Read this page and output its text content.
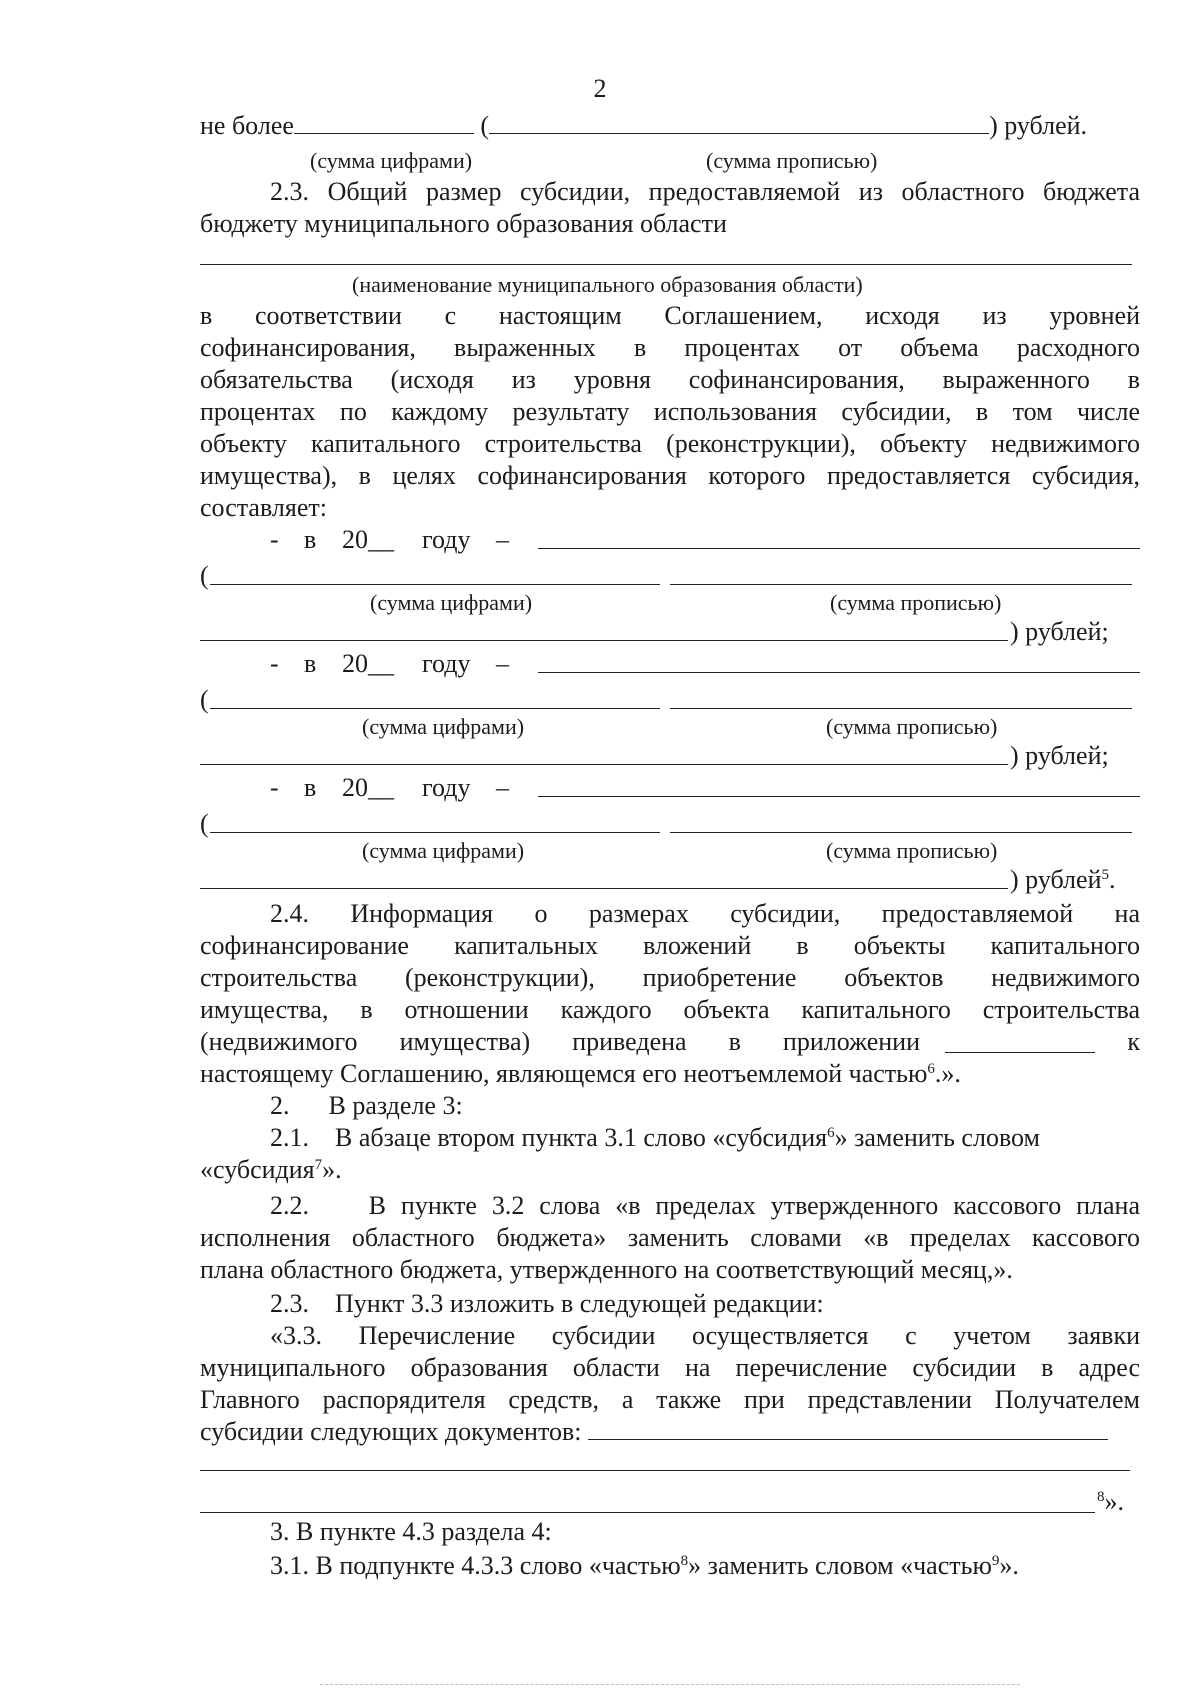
2
не более	(	) рублей.
(сумма цифрами)	(сумма прописью)
2.3. Общий размер субсидии, предоставляемой из областного бюджета
бюджету муниципального образования области
(наименование муниципального образования области)
в соответствии с настоящим Соглашением, исходя из уровней
софинансирования, выраженных в процентах от объема расходного
обязательства (исходя из уровня софинансирования, выраженного в
процентах по каждому результату использования субсидии, в том числе
объекту капитального строительства (реконструкции), объекту недвижимого
имущества), в целях софинансирования которого предоставляется субсидия,
составляет:
- в 20__ году –
(
(сумма цифрами)	(сумма прописью)
) рублей;
- в 20__ году –
(
(сумма цифрами)	(сумма прописью)
) рублей;
- в 20__ году –
(
(сумма цифрами)	(сумма прописью)
) рублей$^5$.
2.4. Информация о размерах субсидии, предоставляемой на
софинансирование капитальных вложений в объекты капитального
строительства (реконструкции), приобретение объектов недвижимого
имущества, в отношении каждого объекта капитального строительства
(недвижимого имущества) приведена в приложении	к
настоящему Соглашению, являющемся его неотъемлемой частью$^6$.».
2.      В разделе 3:
2.1.    В абзаце втором пункта 3.1 слово «субсидия$^6$» заменить словом
«субсидия$^7$».
2.2.    В пункте 3.2 слова «в пределах утвержденного кассового плана
исполнения областного бюджета» заменить словами «в пределах кассового
плана областного бюджета, утвержденного на соответствующий месяц,».
2.3.    Пункт 3.3 изложить в следующей редакции:
«3.3. Перечисление субсидии осуществляется с учетом заявки
муниципального образования области на перечисление субсидии в адрес
Главного распорядителя средств, а также при представлении Получателем
субсидии следующих документов:
$^8$».
3. В пункте 4.3 раздела 4:
3.1. В подпункте 4.3.3 слово «частью$^8$» заменить словом «частью$^9$».
